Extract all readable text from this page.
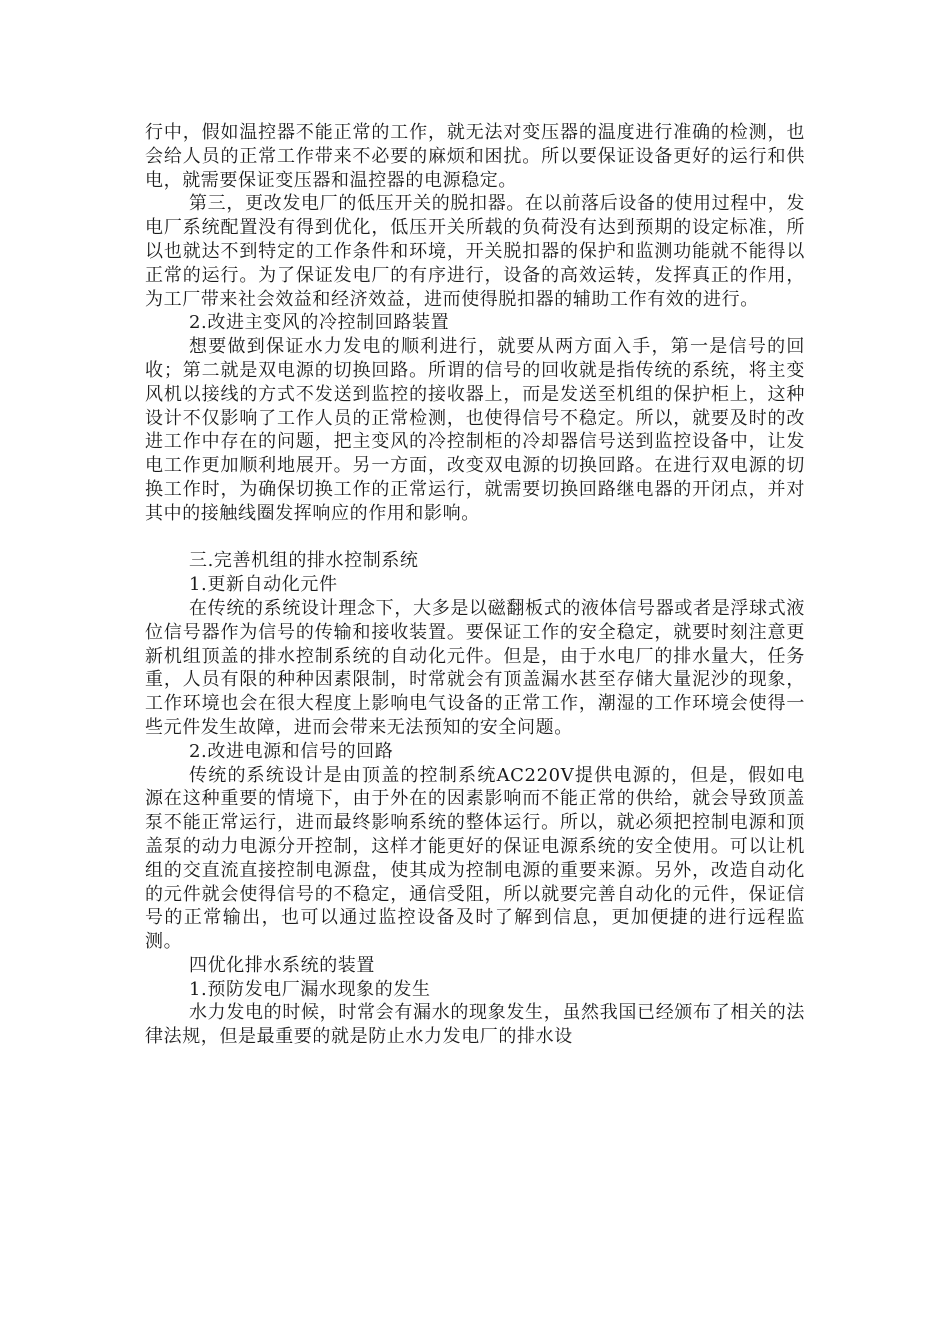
行中，假如温控器不能正常的工作，就无法对变压器的温度进行准确的检测，也会给人员的正常工作带来不必要的麻烦和困扰。所以要保证设备更好的运行和供电，就需要保证变压器和温控器的电源稳定。

第三，更改发电厂的低压开关的脱扣器。在以前落后设备的使用过程中，发电厂系统配置没有得到优化，低压开关所载的负荷没有达到预期的设定标准，所以也就达不到特定的工作条件和环境，开关脱扣器的保护和监测功能就不能得以正常的运行。为了保证发电厂的有序进行，设备的高效运转，发挥真正的作用，为工厂带来社会效益和经济效益，进而使得脱扣器的辅助工作有效的进行。

2.改进主变风的冷控制回路装置

想要做到保证水力发电的顺利进行，就要从两方面入手，第一是信号的回收；第二就是双电源的切换回路。所谓的信号的回收就是指传统的系统，将主变风机以接线的方式不发送到监控的接收器上，而是发送至机组的保护柜上，这种设计不仅影响了工作人员的正常检测，也使得信号不稳定。所以，就要及时的改进工作中存在的问题，把主变风的冷控制柜的冷却器信号送到监控设备中，让发电工作更加顺利地展开。另一方面，改变双电源的切换回路。在进行双电源的切换工作时，为确保切换工作的正常运行，就需要切换回路继电器的开闭点，并对其中的接触线圈发挥响应的作用和影响。

三.完善机组的排水控制系统

1.更新自动化元件

在传统的系统设计理念下，大多是以磁翻板式的液体信号器或者是浮球式液位信号器作为信号的传输和接收装置。要保证工作的安全稳定，就要时刻注意更新机组顶盖的排水控制系统的自动化元件。但是，由于水电厂的排水量大，任务重，人员有限的种种因素限制，时常就会有顶盖漏水甚至存储大量泥沙的现象，工作环境也会在很大程度上影响电气设备的正常工作，潮湿的工作环境会使得一些元件发生故障，进而会带来无法预知的安全问题。

2.改进电源和信号的回路

传统的系统设计是由顶盖的控制系统AC220V提供电源的，但是，假如电源在这种重要的情境下，由于外在的因素影响而不能正常的供给，就会导致顶盖泵不能正常运行，进而最终影响系统的整体运行。所以，就必须把控制电源和顶盖泵的动力电源分开控制，这样才能更好的保证电源系统的安全使用。可以让机组的交直流直接控制电源盘，使其成为控制电源的重要来源。另外，改造自动化的元件就会使得信号的不稳定，通信受阻，所以就要完善自动化的元件，保证信号的正常输出，也可以通过监控设备及时了解到信息，更加便捷的进行远程监测。

四优化排水系统的装置

1.预防发电厂漏水现象的发生

水力发电的时候，时常会有漏水的现象发生，虽然我国已经颁布了相关的法律法规，但是最重要的就是防止水力发电厂的排水设
